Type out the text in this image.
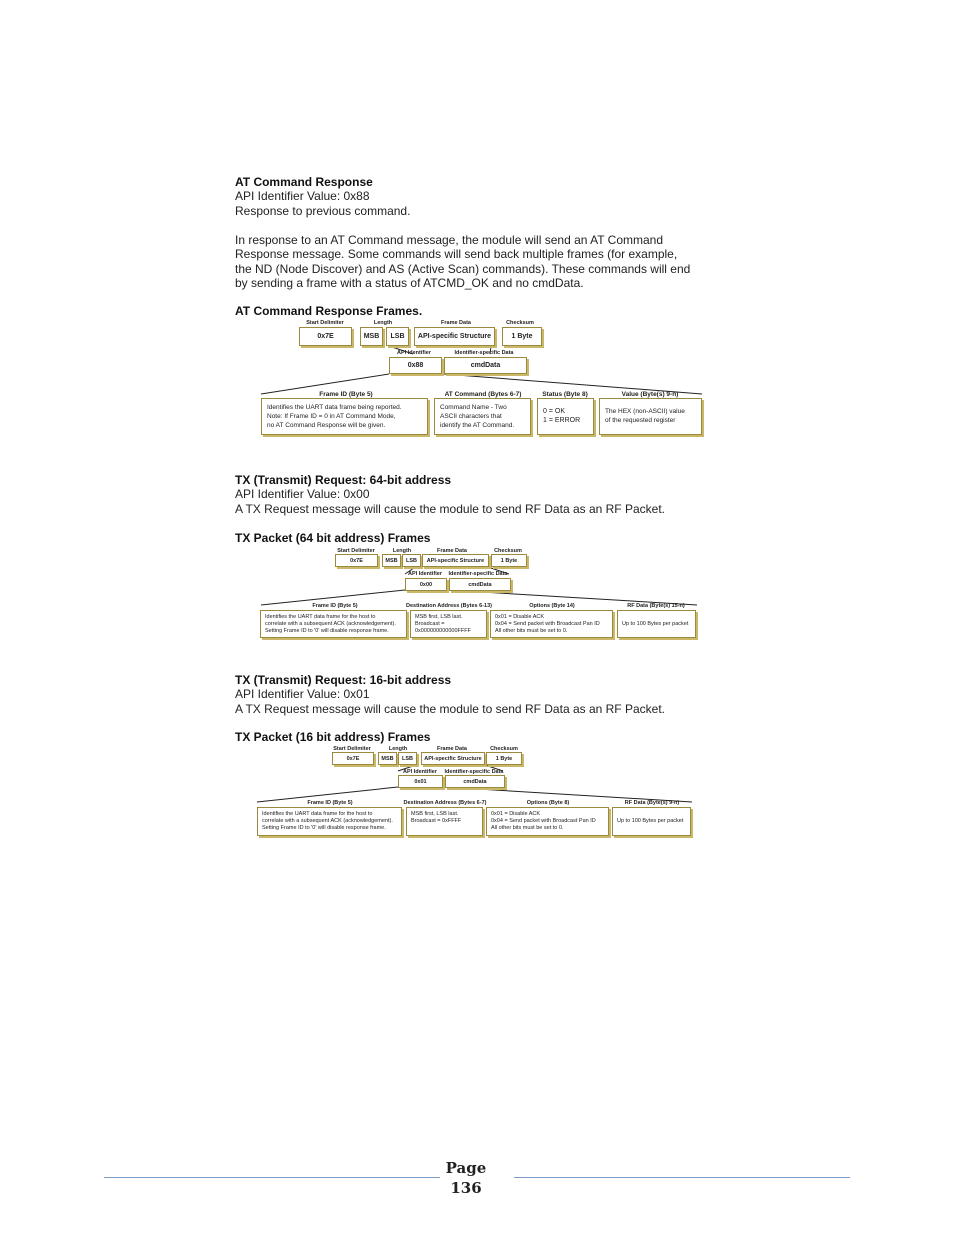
AT Command Response
API Identifier Value: 0x88
Response to previous command.
In response to an AT Command message, the module will send an AT Command
Response message. Some commands will send back multiple frames (for example,
the ND (Node Discover) and AS (Active Scan) commands). These commands will end
by sending a frame with a status of ATCMD_OK and no cmdData.
AT Command Response Frames.
Start Delimiter	Length	Frame Data	Checksum
0x7E	MSB	LSB	API-specific Structure	1 Byte
API Identifier	Identifier-specific Data
0x88	cmdData
Frame ID (Byte 5)	AT Command (Bytes 6-7)	Status (Byte 8)	Value (Byte(s) 9-n)
Identifies the UART data frame being reported.
Note: If Frame ID = 0 in AT Command Mode,
no AT Command Response will be given.
Command Name - Two
ASCII characters that
identify the AT Command.
0 = OK
1 = ERROR
The HEX (non-ASCII) value
of the requested register
TX (Transmit) Request: 64-bit address
API Identifier Value: 0x00
A TX Request message will cause the module to send RF Data as an RF Packet.
TX Packet (64 bit address) Frames
Start Delimiter	Length	Frame Data	Checksum
0x7E	MSB	LSB	API-specific Structure	1 Byte
API Identifier Identifier-specific Data
0x00	cmdData
Frame ID (Byte 5)	Destination Address (Bytes 6-13)	Options (Byte 14)	RF Data (Byte(s) 15-n)
Identifies the UART data frame for the host to
correlate with a subsequent ACK (acknowledgement).
Setting Frame ID to '0' will disable response frame.
MSB first, LSB last.
Broadcast =
0x000000000000FFFF
0x01 = Disable ACK
0x04 = Send packet with Broadcast Pan ID
All other bits must be set to 0.
Up to 100 Bytes per packet
TX (Transmit) Request: 16-bit address
API Identifier Value: 0x01
A TX Request message will cause the module to send RF Data as an RF Packet.
TX Packet (16 bit address) Frames
Start Delimiter	Length	Frame Data	Checksum
0x7E	MSB	LSB	API-specific Structure	1 Byte
API Identifier Identifier-specific Data
0x01	cmdData
Frame ID (Byte 5)	Destination Address (Bytes 6-7)	Options (Byte 8)	RF Data (Byte(s) 9-n)
Identifies the UART data frame for the host to
correlate with a subsequent ACK (acknowledgement).
Setting Frame ID to '0' will disable response frame.
MSB first, LSB last.
Broadcast = 0xFFFF
0x01 = Disable ACK
0x04 = Send packet with Broadcast Pan ID
All other bits must be set to 0.
Up to 100 Bytes per packet
Page
136
